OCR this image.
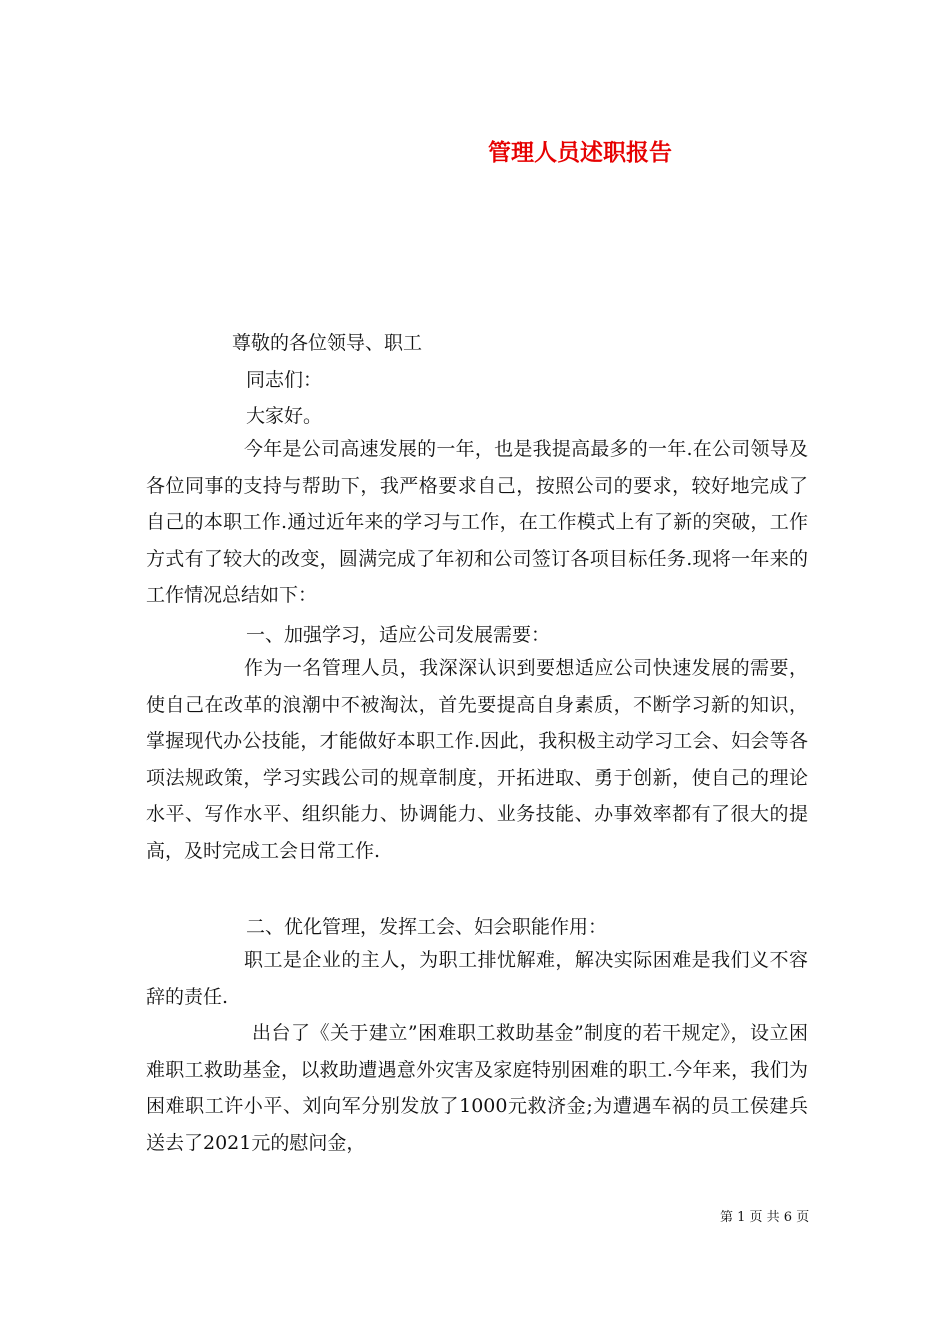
管理人员述职报告
尊敬的各位领导、职工
同志们：
大家好。
今年是公司高速发展的一年，也是我提高最多的一年.在公司领导及各位同事的支持与帮助下，我严格要求自己，按照公司的要求，较好地完成了自己的本职工作.通过近年来的学习与工作，在工作模式上有了新的突破，工作方式有了较大的改变，圆满完成了年初和公司签订各项目标任务.现将一年来的工作情况总结如下：
一、加强学习，适应公司发展需要：
作为一名管理人员，我深深认识到要想适应公司快速发展的需要，使自己在改革的浪潮中不被淘汰，首先要提高自身素质，不断学习新的知识，掌握现代办公技能，才能做好本职工作.因此，我积极主动学习工会、妇会等各项法规政策，学习实践公司的规章制度，开拓进取、勇于创新，使自己的理论水平、写作水平、组织能力、协调能力、业务技能、办事效率都有了很大的提高，及时完成工会日常工作.
二、优化管理，发挥工会、妇会职能作用：
职工是企业的主人，为职工排忧解难，解决实际困难是我们义不容辞的责任.
出台了《关于建立”困难职工救助基金”制度的若干规定》，设立困难职工救助基金，以救助遭遇意外灾害及家庭特别困难的职工.今年来，我们为困难职工许小平、刘向军分别发放了1000元救济金;为遭遇车祸的员工侯建兵送去了2021元的慰问金，
第 1 页 共 6 页
